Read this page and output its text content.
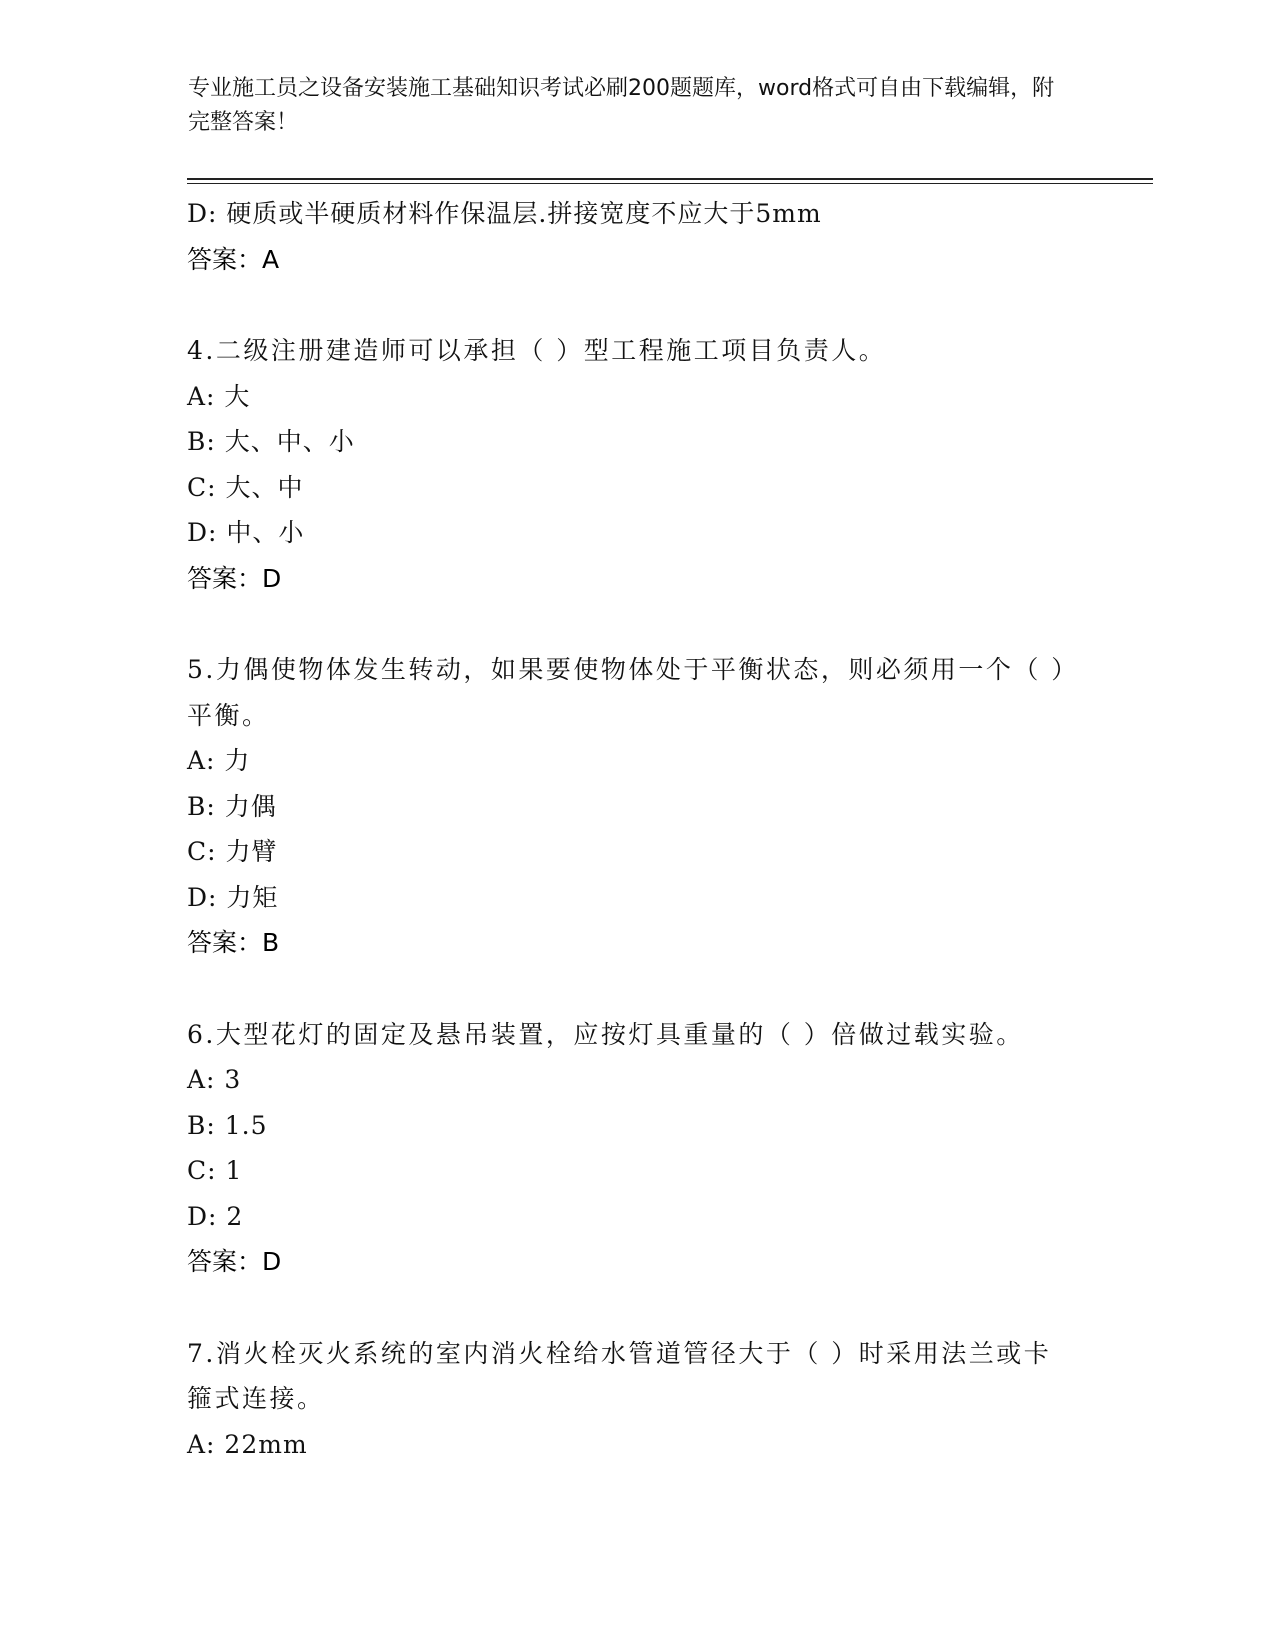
专业施工员之设备安装施工基础知识考试必刷200题题库，word格式可自由下载编辑，附完整答案！
D: 硬质或半硬质材料作保温层.拼接宽度不应大于5mm
答案：A
4.二级注册建造师可以承担（ ）型工程施工项目负责人。
A: 大
B: 大、中、小
C: 大、中
D: 中、小
答案：D
5.力偶使物体发生转动，如果要使物体处于平衡状态，则必须用一个（ ）平衡。
A: 力
B: 力偶
C: 力臂
D: 力矩
答案：B
6.大型花灯的固定及悬吊装置，应按灯具重量的（ ）倍做过载实验。
A: 3
B: 1.5
C: 1
D: 2
答案：D
7.消火栓灭火系统的室内消火栓给水管道管径大于（ ）时采用法兰或卡箍式连接。
A: 22mm
